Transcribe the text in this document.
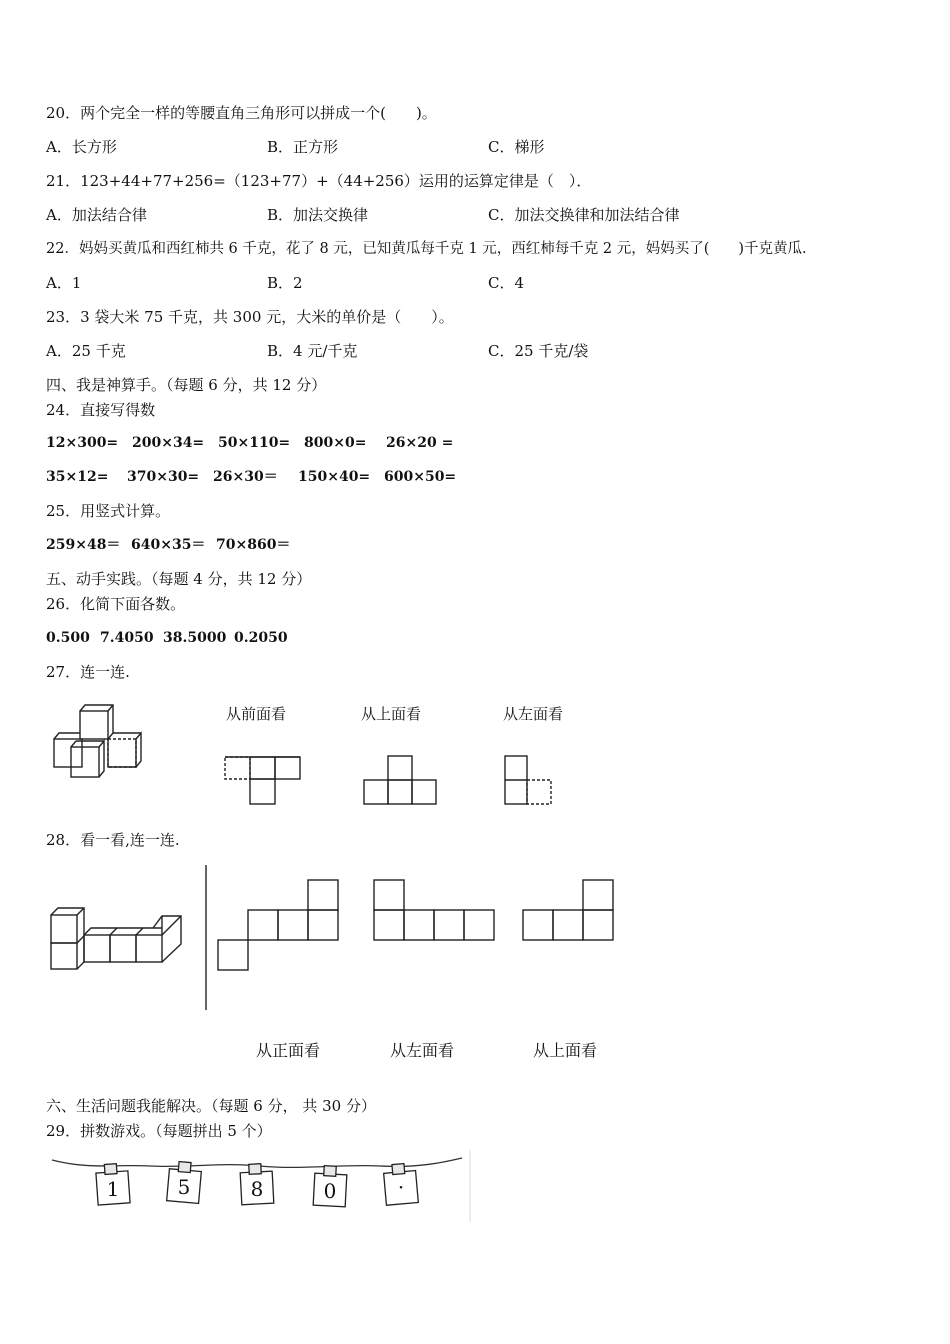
20．两个完全一样的等腰直角三角形可以拼成一个(　　)。
A．长方形	B．正方形	C．梯形
21．123+44+77+256=（123+77）+（44+256）运用的运算定律是（　）．
A．加法结合律	B．加法交换律	C．加法交换律和加法结合律
22．妈妈买黄瓜和西红柿共 6 千克，花了 8 元，已知黄瓜每千克 1 元，西红柿每千克 2 元，妈妈买了(　　)千克黄瓜.
A．1	B．2	C．4
23．3 袋大米 75 千克，共 300 元，大米的单价是（　　）。
A．25 千克	B．4 元/千克	C．25 千克/袋
四、我是神算手。（每题 6 分，共 12 分）
24．直接写得数
12×300= 200×34= 50×110= 800×0= 26×20 =
35×12= 370×30= 26×30＝ 150×40= 600×50=
25．用竖式计算。
259×48＝ 640×35＝ 70×860＝
五、动手实践。（每题 4 分，共 12 分）
26．化简下面各数。
0.500 7.4050 38.5000 0.2050
27．连一连.
从前面看	从上面看	从左面看
28．看一看,连一连.
从正面看	从左面看	从上面看
六、生活问题我能解决。（每题 6 分， 共 30 分）
29．拼数游戏。（每题拼出 5 个）
1	5	8	0	·
